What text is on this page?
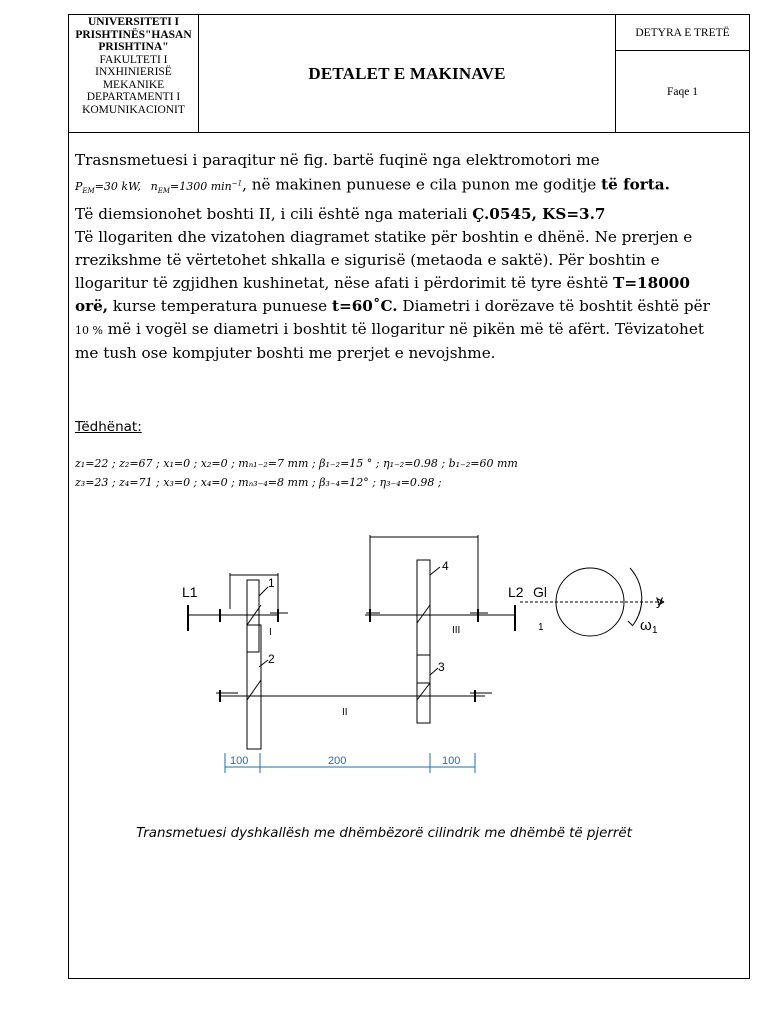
UNIVERSITETI I
PRISHTINËS"HASAN
PRISHTINA"
FAKULTETI I INXHINIERISË
MEKANIKE
DEPARTAMENTI I
KOMUNIKACIONIT
DETALET E MAKINAVE
DETYRA E TRETË
Faqe 1

Trasnsmetuesi i paraqitur në fig. bartë fuqinë nga elektromotori me
$P_{EM}=30$ kW, $n_{EM}=1300$ $\min^{-1}$, në makinen punuese e cila punon me goditje të forta.

Të diemsionohet boshti II, i cili është nga materiali Ç.0545, KS=3.7

Të llogariten dhe vizatohen diagramet statike për boshtin e dhënë. Ne prerjen e rrezikshme të vërtetohet shkalla e sigurisë (metaoda e saktë). Për boshtin e llogaritur të zgjidhen kushinetat, nëse afati i përdorimit të tyre është T=18000 orë, kurse temperatura punuese t=60˚C. Diametri i dorëzave të boshtit është për 10 % më i vogël se diametri i boshtit të llogaritur në pikën më të afërt. Tëvizatohet me tush ose kompjuter boshti me prerjet e nevojshme.

Tëdhënat:
z₁=22 ; z₂=67 ; x₁=0 ; x₂=0 ; mₙ₁₋₂=7 mm ; β₁₋₂=15 ° ; η₁₋₂=0.98 ; b₁₋₂=60 mm
z₃=23 ; z₄=71 ; x₃=0 ; x₄=0 ; mₙ₃₋₄=8 mm ; β₃₋₄=12° ; η₃₋₄=0.98 ;
L1	L2 Gl	y
ω 1
1
1
2
4
3
I
II
III
100	200	100
Transmetuesi dyshkallësh me dhëmbëzorë cilindrik me dhëmbë të pjerrët
